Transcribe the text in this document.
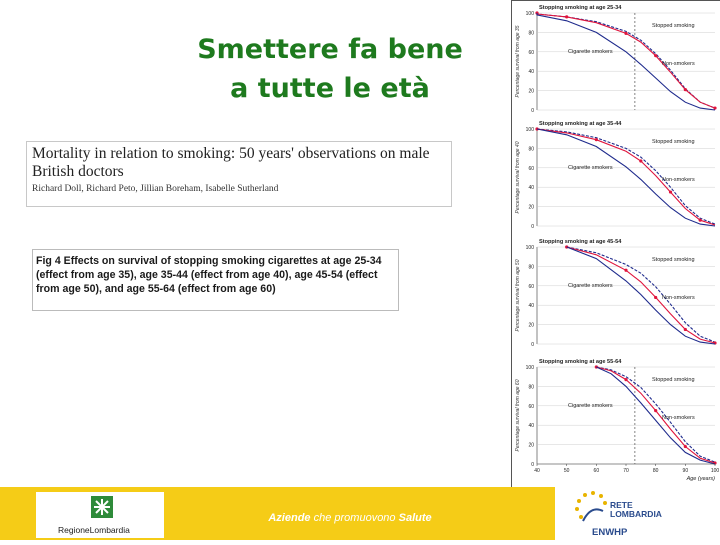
Smettere fa bene
a tutte le età
Mortality in relation to smoking: 50 years' observations on male British doctors
Richard Doll, Richard Peto, Jillian Boreham, Isabelle Sutherland
Fig 4 Effects on survival of stopping smoking cigarettes at age 25-34 (effect from age 35), age 35-44 (effect from age 40), age 45-54 (effect from age 50), and age 55-64 (effect from age 60)
Stopping smoking at age 25-34
Percentage survival from age 35
0
20
40
60
80
100
Stopped smoking
Cigarette smokers
Non-smokers
Stopping smoking at age 35-44
Percentage survival from age 40
0
20
40
60
80
100
Stopped smoking
Cigarette smokers
Non-smokers
Stopping smoking at age 45-54
Percentage survival from age 50
0
20
40
60
80
100
Stopped smoking
Cigarette smokers
Non-smokers
Stopping smoking at age 55-64
Percentage survival from age 60
0
20
40
60
80
100
Stopped smoking
Cigarette smokers
Non-smokers
40	50	60	70	80	90	100
Age (years)
RegioneLombardia
Aziende che promuovono Salute
RETE
LOMBARDIA
ENWHP
